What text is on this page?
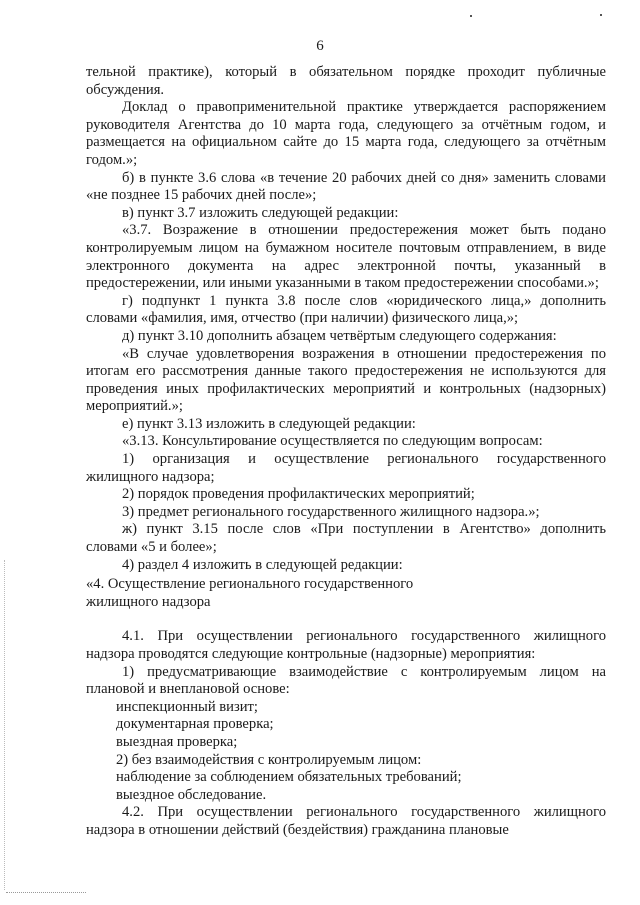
6

тельной практике), который в обязательном порядке проходит публичные обсуждения.

Доклад о правоприменительной практике утверждается распоряжением руководителя Агентства до 10 марта года, следующего за отчётным годом, и размещается на официальном сайте до 15 марта года, следующего за отчётным годом.»;

б) в пункте 3.6 слова «в течение 20 рабочих дней со дня» заменить словами «не позднее 15 рабочих дней после»;

в) пункт 3.7 изложить следующей редакции:

«3.7. Возражение в отношении предостережения может быть подано контролируемым лицом на бумажном носителе почтовым отправлением, в виде электронного документа на адрес электронной почты, указанный в предостережении, или иными указанными в таком предостережении способами.»;

г) подпункт 1 пункта 3.8 после слов «юридического лица,» дополнить словами «фамилия, имя, отчество (при наличии) физического лица,»;

д) пункт 3.10 дополнить абзацем четвёртым следующего содержания:

«В случае удовлетворения возражения в отношении предостережения по итогам его рассмотрения данные такого предостережения не используются для проведения иных профилактических мероприятий и контрольных (надзорных) мероприятий.»;

е) пункт 3.13 изложить в следующей редакции:

«3.13. Консультирование осуществляется по следующим вопросам:

1) организация и осуществление регионального государственного жилищного надзора;

2) порядок проведения профилактических мероприятий;

3) предмет регионального государственного жилищного надзора.»;

ж) пункт 3.15 после слов «При поступлении в Агентство» дополнить словами «5 и более»;

4) раздел 4 изложить в следующей редакции:

«4. Осуществление регионального государственного

жилищного надзора

4.1. При осуществлении регионального государственного жилищного надзора проводятся следующие контрольные (надзорные) мероприятия:

1) предусматривающие взаимодействие с контролируемым лицом на плановой и внеплановой основе:

инспекционный визит;

документарная проверка;

выездная проверка;

2) без взаимодействия с контролируемым лицом:

наблюдение за соблюдением обязательных требований;

выездное обследование.

4.2. При осуществлении регионального государственного жилищного надзора в отношении действий (бездействия) гражданина плановые
